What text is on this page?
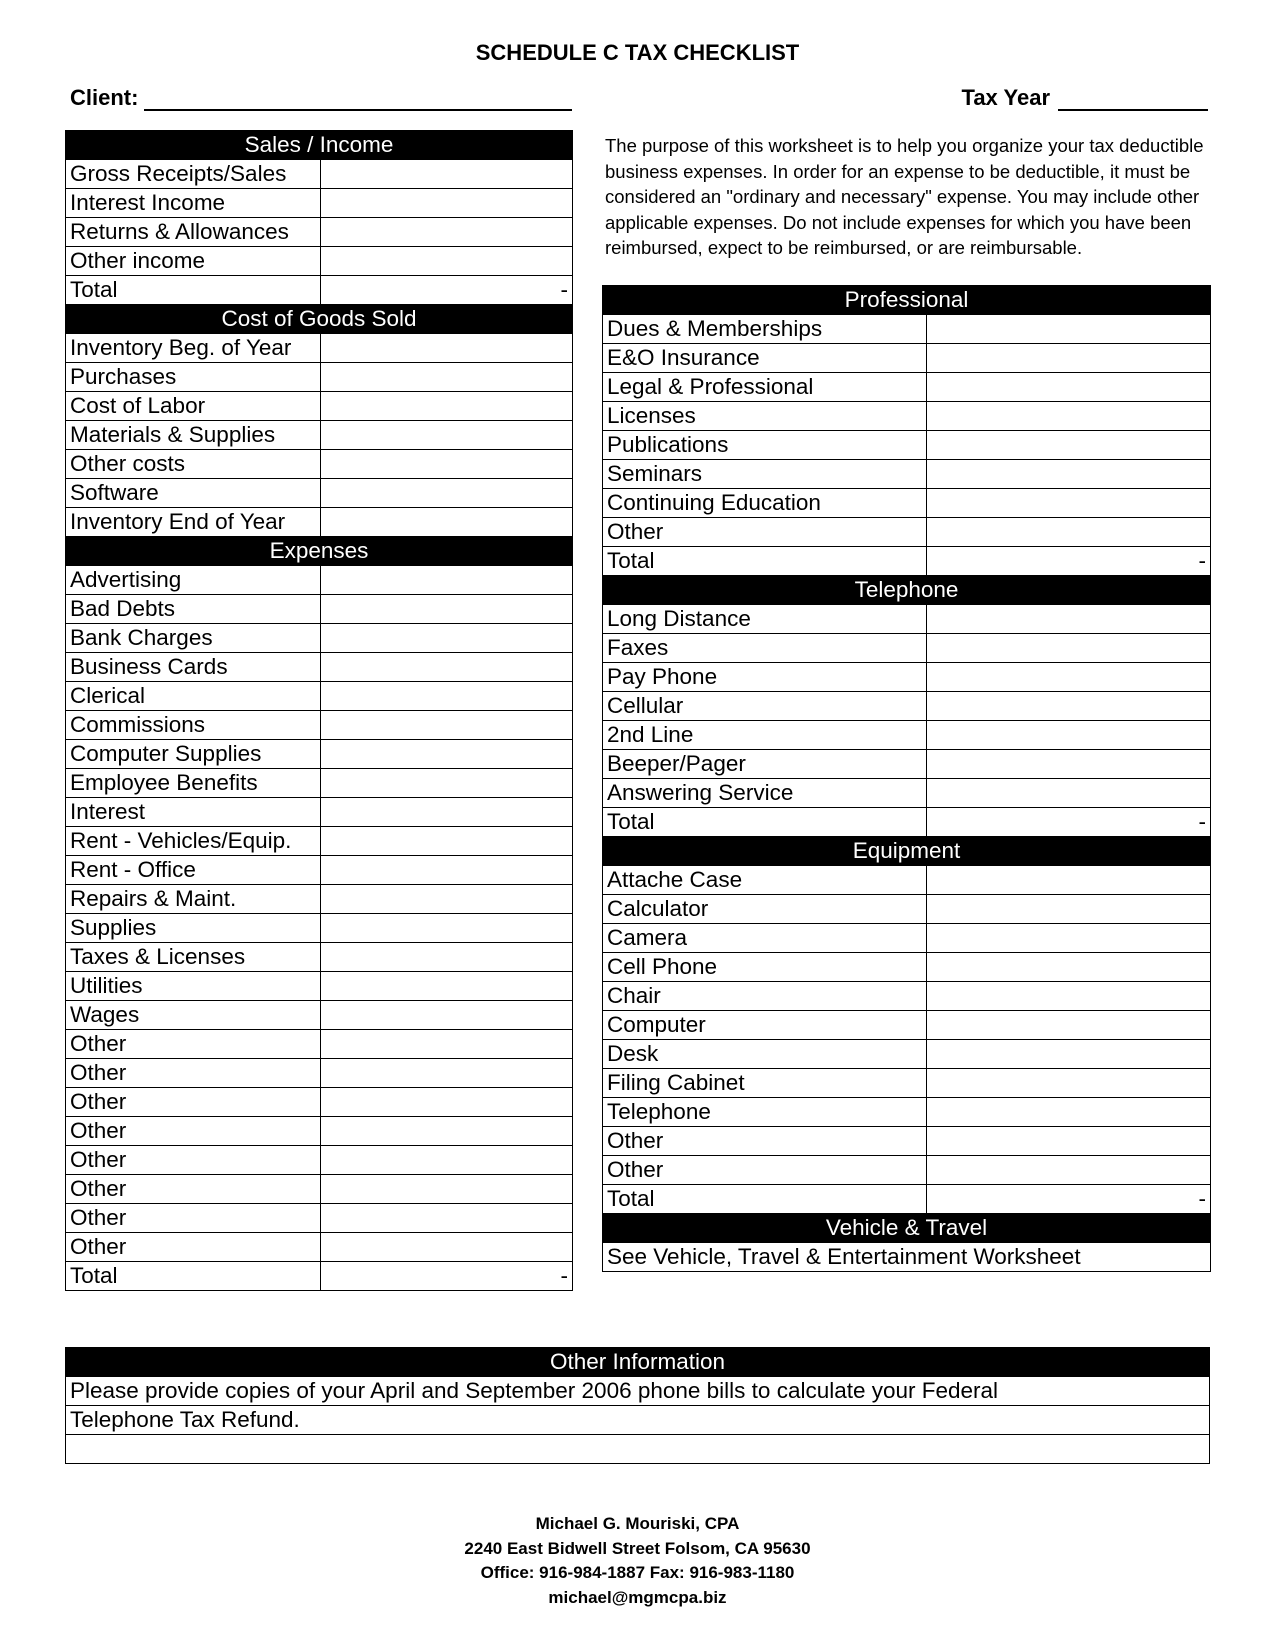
SCHEDULE C TAX CHECKLIST
Client:	Tax Year
Sales / Income	
Gross Receipts/Sales	
Interest Income	
Returns & Allowances	
Other income	
Total	-
Cost of Goods Sold	
Inventory Beg. of Year	
Purchases	
Cost of Labor	
Materials & Supplies	
Other costs	
Software	
Inventory End of Year	
Expenses	
Advertising	
Bad Debts	
Bank Charges	
Business Cards	
Clerical	
Commissions	
Computer Supplies	
Employee Benefits	
Interest	
Rent - Vehicles/Equip.	
Rent - Office	
Repairs & Maint.	
Supplies	
Taxes & Licenses	
Utilities	
Wages	
Other	
Other	
Other	
Other	
Other	
Other	
Other	
Other	
Total	-
The purpose of this worksheet is to help you organize your tax deductible business expenses. In order for an expense to be deductible, it must be considered an "ordinary and necessary" expense. You may include other applicable expenses. Do not include expenses for which you have been reimbursed, expect to be reimbursed, or are reimbursable.
Professional	
Dues & Memberships	
E&O Insurance	
Legal & Professional	
Licenses	
Publications	
Seminars	
Continuing Education	
Other	
Total	-
Telephone	
Long Distance	
Faxes	
Pay Phone	
Cellular	
2nd Line	
Beeper/Pager	
Answering Service	
Total	-
Equipment	
Attache Case	
Calculator	
Camera	
Cell Phone	
Chair	
Computer	
Desk	
Filing Cabinet	
Telephone	
Other	
Other	
Total	-
Vehicle & Travel	
See Vehicle, Travel & Entertainment Worksheet	
Other Information
Please provide copies of your April and September 2006 phone bills to calculate your Federal
Telephone Tax Refund.

Michael G. Mouriski, CPA
2240 East Bidwell Street Folsom, CA 95630
Office: 916-984-1887 Fax: 916-983-1180
michael@mgmcpa.biz
